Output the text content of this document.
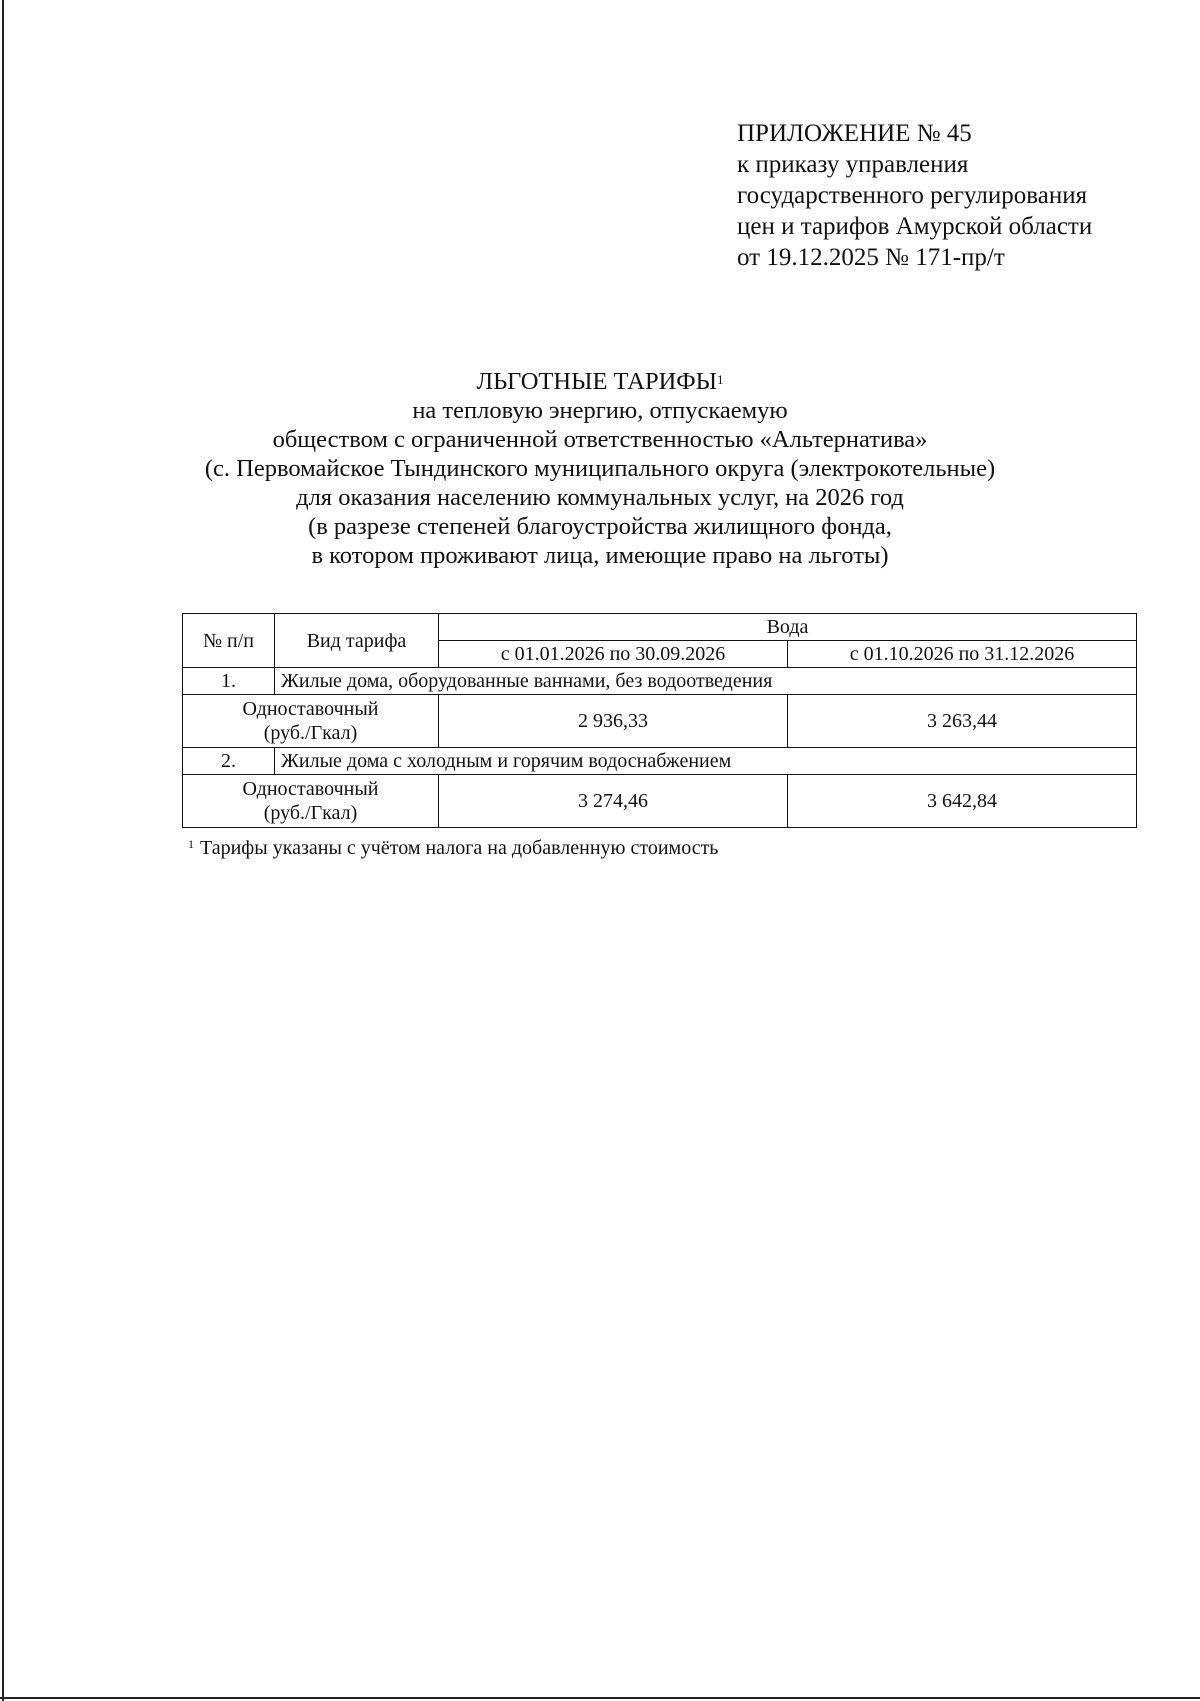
ПРИЛОЖЕНИЕ № 45
к приказу управления
государственного регулирования
цен и тарифов Амурской области
от 19.12.2025 № 171-пр/т
ЛЬГОТНЫЕ ТАРИФЫ$^1$
на тепловую энергию, отпускаемую
обществом с ограниченной ответственностью «Альтернатива»
(с. Первомайское Тындинского муниципального округа (электрокотельные)
для оказания населению коммунальных услуг, на 2026 год
(в разрезе степеней благоустройства жилищного фонда,
в котором проживают лица, имеющие право на льготы)
№ п/п	Вид тарифа	Вода	
		с 01.01.2026 по 30.09.2026	с 01.10.2026 по 31.12.2026
1.	Жилые дома, оборудованные ваннами, без водоотведения		

Одноставочный
(руб./Гкал)		2 936,33	3 263,44
2.	Жилые дома с холодным и горячим водоснабжением		

Одноставочный
(руб./Гкал)		3 274,46	3 642,84
$^1$ Тарифы указаны с учётом налога на добавленную стоимость
